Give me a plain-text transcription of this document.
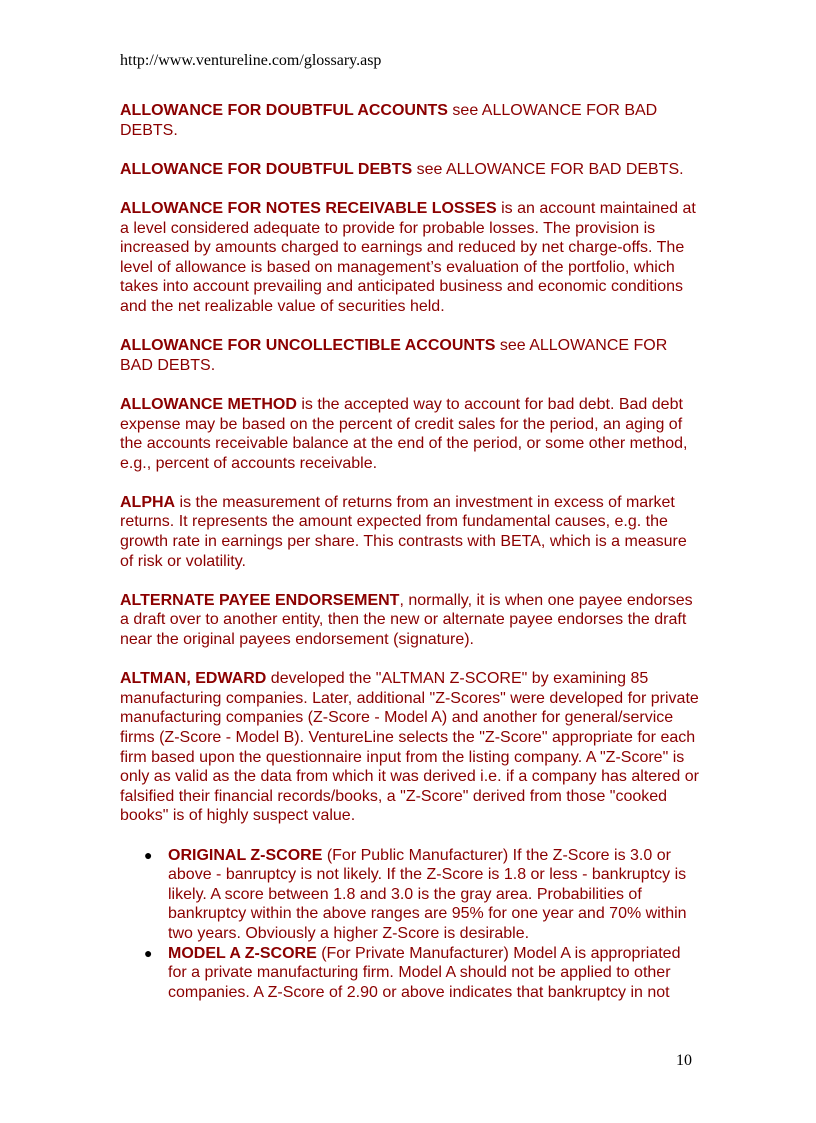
http://www.ventureline.com/glossary.asp

ALLOWANCE FOR DOUBTFUL ACCOUNTS see ALLOWANCE FOR BAD DEBTS.

ALLOWANCE FOR DOUBTFUL DEBTS see ALLOWANCE FOR BAD DEBTS.

ALLOWANCE FOR NOTES RECEIVABLE LOSSES is an account maintained at a level considered adequate to provide for probable losses. The provision is increased by amounts charged to earnings and reduced by net charge-offs. The level of allowance is based on management’s evaluation of the portfolio, which takes into account prevailing and anticipated business and economic conditions and the net realizable value of securities held.

ALLOWANCE FOR UNCOLLECTIBLE ACCOUNTS see ALLOWANCE FOR BAD DEBTS.

ALLOWANCE METHOD is the accepted way to account for bad debt. Bad debt expense may be based on the percent of credit sales for the period, an aging of the accounts receivable balance at the end of the period, or some other method, e.g., percent of accounts receivable.

ALPHA is the measurement of returns from an investment in excess of market returns. It represents the amount expected from fundamental causes, e.g. the growth rate in earnings per share. This contrasts with BETA, which is a measure of risk or volatility.

ALTERNATE PAYEE ENDORSEMENT, normally, it is when one payee endorses a draft over to another entity, then the new or alternate payee endorses the draft near the original payees endorsement (signature).

ALTMAN, EDWARD developed the "ALTMAN Z-SCORE" by examining 85 manufacturing companies. Later, additional "Z-Scores" were developed for private manufacturing companies (Z-Score - Model A) and another for general/service firms (Z-Score - Model B). VentureLine selects the "Z-Score" appropriate for each firm based upon the questionnaire input from the listing company. A "Z-Score" is only as valid as the data from which it was derived i.e. if a company has altered or falsified their financial records/books, a "Z-Score" derived from those "cooked books" is of highly suspect value.

● ORIGINAL Z-SCORE (For Public Manufacturer) If the Z-Score is 3.0 or above - banruptcy is not likely. If the Z-Score is 1.8 or less - bankruptcy is likely. A score between 1.8 and 3.0 is the gray area. Probabilities of bankruptcy within the above ranges are 95% for one year and 70% within two years. Obviously a higher Z-Score is desirable.
● MODEL A Z-SCORE (For Private Manufacturer) Model A is appropriated for a private manufacturing firm. Model A should not be applied to other companies. A Z-Score of 2.90 or above indicates that bankruptcy in not
10
